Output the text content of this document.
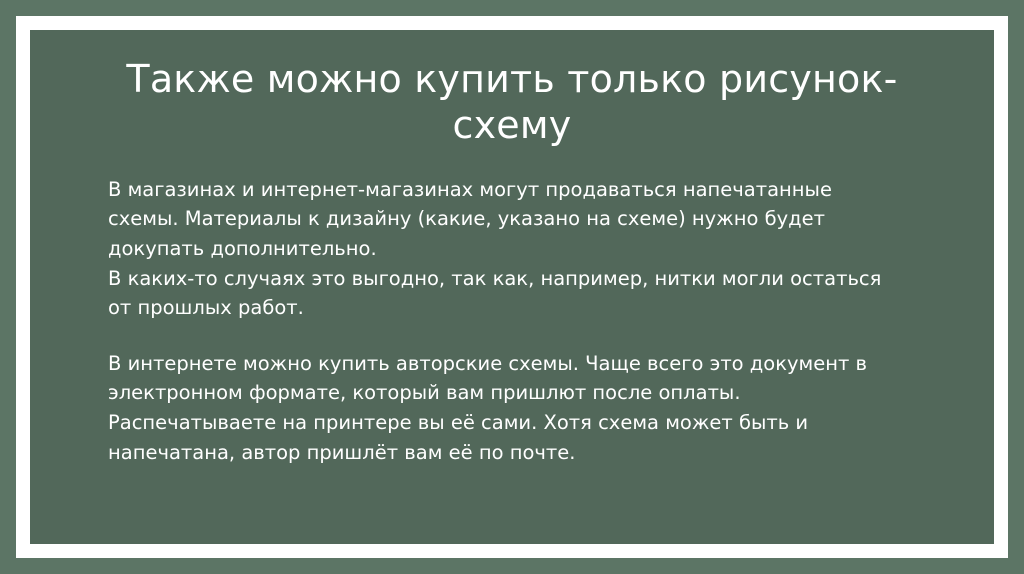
Также можно купить только рисунок-схему

В магазинах и интернет-магазинах могут продаваться напечатанные схемы. Материалы к дизайну (какие, указано на схеме) нужно будет докупать дополнительно.

В каких-то случаях это выгодно, так как, например, нитки могли остаться от прошлых работ.

В интернете можно купить авторские схемы. Чаще всего это документ в электронном формате, который вам пришлют после оплаты. Распечатываете на принтере вы её сами. Хотя схема может быть и напечатана, автор пришлёт вам её по почте.
